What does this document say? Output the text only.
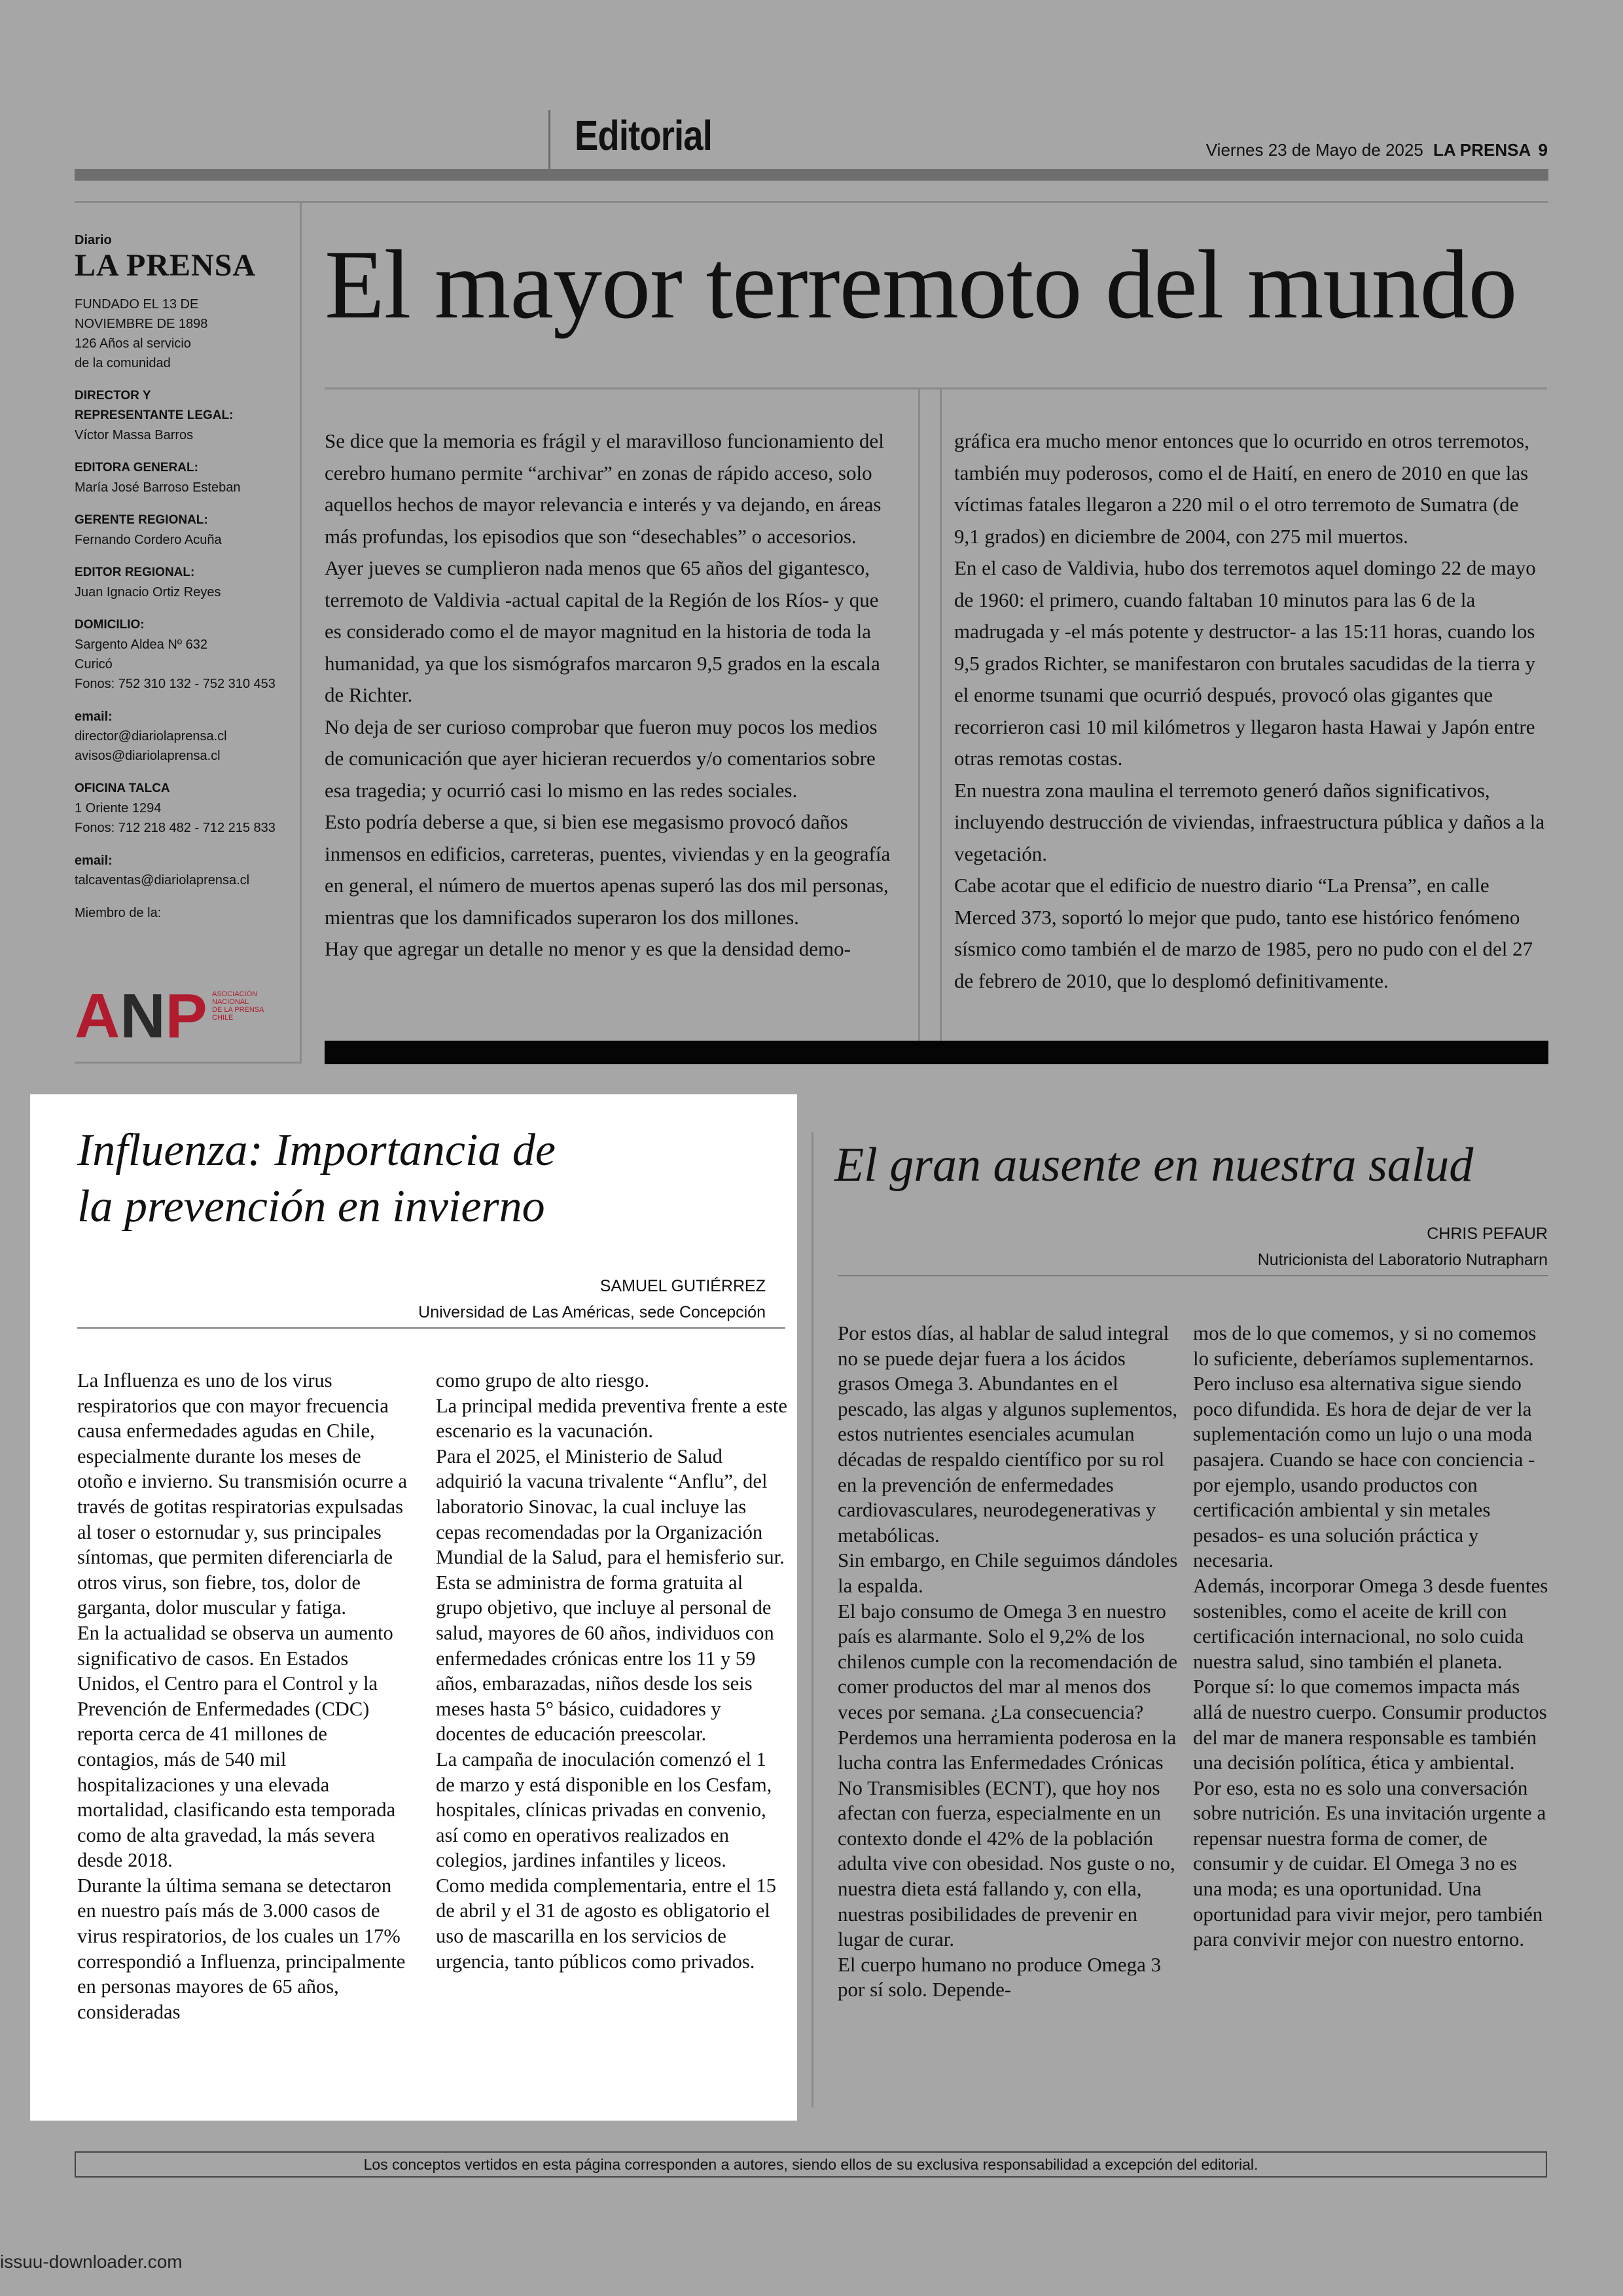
Editorial	Viernes 23 de Mayo de 2025 LA PRENSA 9
Diario
LA PRENSA
FUNDADO EL 13 DE
NOVIEMBRE DE 1898
126 Años al servicio
de la comunidad
DIRECTOR Y
REPRESENTANTE LEGAL:
Víctor Massa Barros
EDITORA GENERAL:
María José Barroso Esteban
GERENTE REGIONAL:
Fernando Cordero Acuña
EDITOR REGIONAL:
Juan Ignacio Ortiz Reyes
DOMICILIO:
Sargento Aldea Nº 632
Curicó
Fonos: 752 310 132 - 752 310 453
email:
director@diariolaprensa.cl
avisos@diariolaprensa.cl
OFICINA TALCA
1 Oriente 1294
Fonos: 712 218 482 - 712 215 833
email:
talcaventas@diariolaprensa.cl
Miembro de la:
ANP ASOCIACIÓN NACIONAL DE LA PRENSA CHILE
El mayor terremoto del mundo

Se dice que la memoria es frágil y el maravilloso funcionamiento del cerebro humano permite “archivar” en zonas de rápido acceso, solo aquellos hechos de mayor relevancia e interés y va dejando, en áreas más profundas, los episodios que son “desechables” o accesorios.

Ayer jueves se cumplieron nada menos que 65 años del gigantesco, terremoto de Valdivia -actual capital de la Región de los Ríos- y que es considerado como el de mayor magnitud en la historia de toda la humanidad, ya que los sismógrafos marcaron 9,5 grados en la escala de Richter.

No deja de ser curioso comprobar que fueron muy pocos los medios de comunicación que ayer hicieran recuerdos y/o comentarios sobre esa tragedia; y ocurrió casi lo mismo en las redes sociales.

Esto podría deberse a que, si bien ese megasismo provocó daños inmensos en edificios, carreteras, puentes, viviendas y en la geografía en general, el número de muertos apenas superó las dos mil personas, mientras que los damnificados superaron los dos millones.

Hay que agregar un detalle no menor y es que la densidad demo-

gráfica era mucho menor entonces que lo ocurrido en otros terremotos, también muy poderosos, como el de Haití, en enero de 2010 en que las víctimas fatales llegaron a 220 mil o el otro terremoto de Sumatra (de 9,1 grados) en diciembre de 2004, con 275 mil muertos.

En el caso de Valdivia, hubo dos terremotos aquel domingo 22 de mayo de 1960: el primero, cuando faltaban 10 minutos para las 6 de la madrugada y -el más potente y destructor- a las 15:11 horas, cuando los 9,5 grados Richter, se manifestaron con brutales sacudidas de la tierra y el enorme tsunami que ocurrió después, provocó olas gigantes que recorrieron casi 10 mil kilómetros y llegaron hasta Hawai y Japón entre otras remotas costas.

En nuestra zona maulina el terremoto generó daños significativos, incluyendo destrucción de viviendas, infraestructura pública y daños a la vegetación.

Cabe acotar que el edificio de nuestro diario “La Prensa”, en calle Merced 373, soportó lo mejor que pudo, tanto ese histórico fenómeno sísmico como también el de marzo de 1985, pero no pudo con el del 27 de febrero de 2010, que lo desplomó definitivamente.

Influenza: Importancia de
la prevención en invierno
SAMUEL GUTIÉRREZ
Universidad de Las Américas, sede Concepción

La Influenza es uno de los virus respiratorios que con mayor frecuencia causa enfermedades agudas en Chile, especialmente durante los meses de otoño e invierno. Su transmisión ocurre a través de gotitas respiratorias expulsadas al toser o estornudar y, sus principales síntomas, que permiten diferenciarla de otros virus, son fiebre, tos, dolor de garganta, dolor muscular y fatiga.

En la actualidad se observa un aumento significativo de casos. En Estados Unidos, el Centro para el Control y la Prevención de Enfermedades (CDC) reporta cerca de 41 millones de contagios, más de 540 mil hospitalizaciones y una elevada mortalidad, clasificando esta temporada como de alta gravedad, la más severa desde 2018.

Durante la última semana se detectaron en nuestro país más de 3.000 casos de virus respiratorios, de los cuales un 17% correspondió a Influenza, principalmente en personas mayores de 65 años, consideradas

como grupo de alto riesgo.

La principal medida preventiva frente a este escenario es la vacunación.

Para el 2025, el Ministerio de Salud adquirió la vacuna trivalente “Anflu”, del laboratorio Sinovac, la cual incluye las cepas recomendadas por la Organización Mundial de la Salud, para el hemisferio sur. Esta se administra de forma gratuita al grupo objetivo, que incluye al personal de salud, mayores de 60 años, individuos con enfermedades crónicas entre los 11 y 59 años, embarazadas, niños desde los seis meses hasta 5° básico, cuidadores y docentes de educación preescolar.

La campaña de inoculación comenzó el 1 de marzo y está disponible en los Cesfam, hospitales, clínicas privadas en convenio, así como en operativos realizados en colegios, jardines infantiles y liceos.

Como medida complementaria, entre el 15 de abril y el 31 de agosto es obligatorio el uso de mascarilla en los servicios de urgencia, tanto públicos como privados.

El gran ausente en nuestra salud
CHRIS PEFAUR
Nutricionista del Laboratorio Nutrapharn

Por estos días, al hablar de salud integral no se puede dejar fuera a los ácidos grasos Omega 3. Abundantes en el pescado, las algas y algunos suplementos, estos nutrientes esenciales acumulan décadas de respaldo científico por su rol en la prevención de enfermedades cardiovasculares, neurodegenerativas y metabólicas.

Sin embargo, en Chile seguimos dándoles la espalda.

El bajo consumo de Omega 3 en nuestro país es alarmante. Solo el 9,2% de los chilenos cumple con la recomendación de comer productos del mar al menos dos veces por semana. ¿La consecuencia? Perdemos una herramienta poderosa en la lucha contra las Enfermedades Crónicas No Transmisibles (ECNT), que hoy nos afectan con fuerza, especialmente en un contexto donde el 42% de la población adulta vive con obesidad. Nos guste o no, nuestra dieta está fallando y, con ella, nuestras posibilidades de prevenir en lugar de curar.

El cuerpo humano no produce Omega 3 por sí solo. Depende-

mos de lo que comemos, y si no comemos lo suficiente, deberíamos suplementarnos. Pero incluso esa alternativa sigue siendo poco difundida. Es hora de dejar de ver la suplementación como un lujo o una moda pasajera. Cuando se hace con conciencia -por ejemplo, usando productos con certificación ambiental y sin metales pesados- es una solución práctica y necesaria.

Además, incorporar Omega 3 desde fuentes sostenibles, como el aceite de krill con certificación internacional, no solo cuida nuestra salud, sino también el planeta. Porque sí: lo que comemos impacta más allá de nuestro cuerpo. Consumir productos del mar de manera responsable es también una decisión política, ética y ambiental.

Por eso, esta no es solo una conversación sobre nutrición. Es una invitación urgente a repensar nuestra forma de comer, de consumir y de cuidar. El Omega 3 no es una moda; es una oportunidad. Una oportunidad para vivir mejor, pero también para convivir mejor con nuestro entorno.

Los conceptos vertidos en esta página corresponden a autores, siendo ellos de su exclusiva responsabilidad a excepción del editorial.
issuu-downloader.com
